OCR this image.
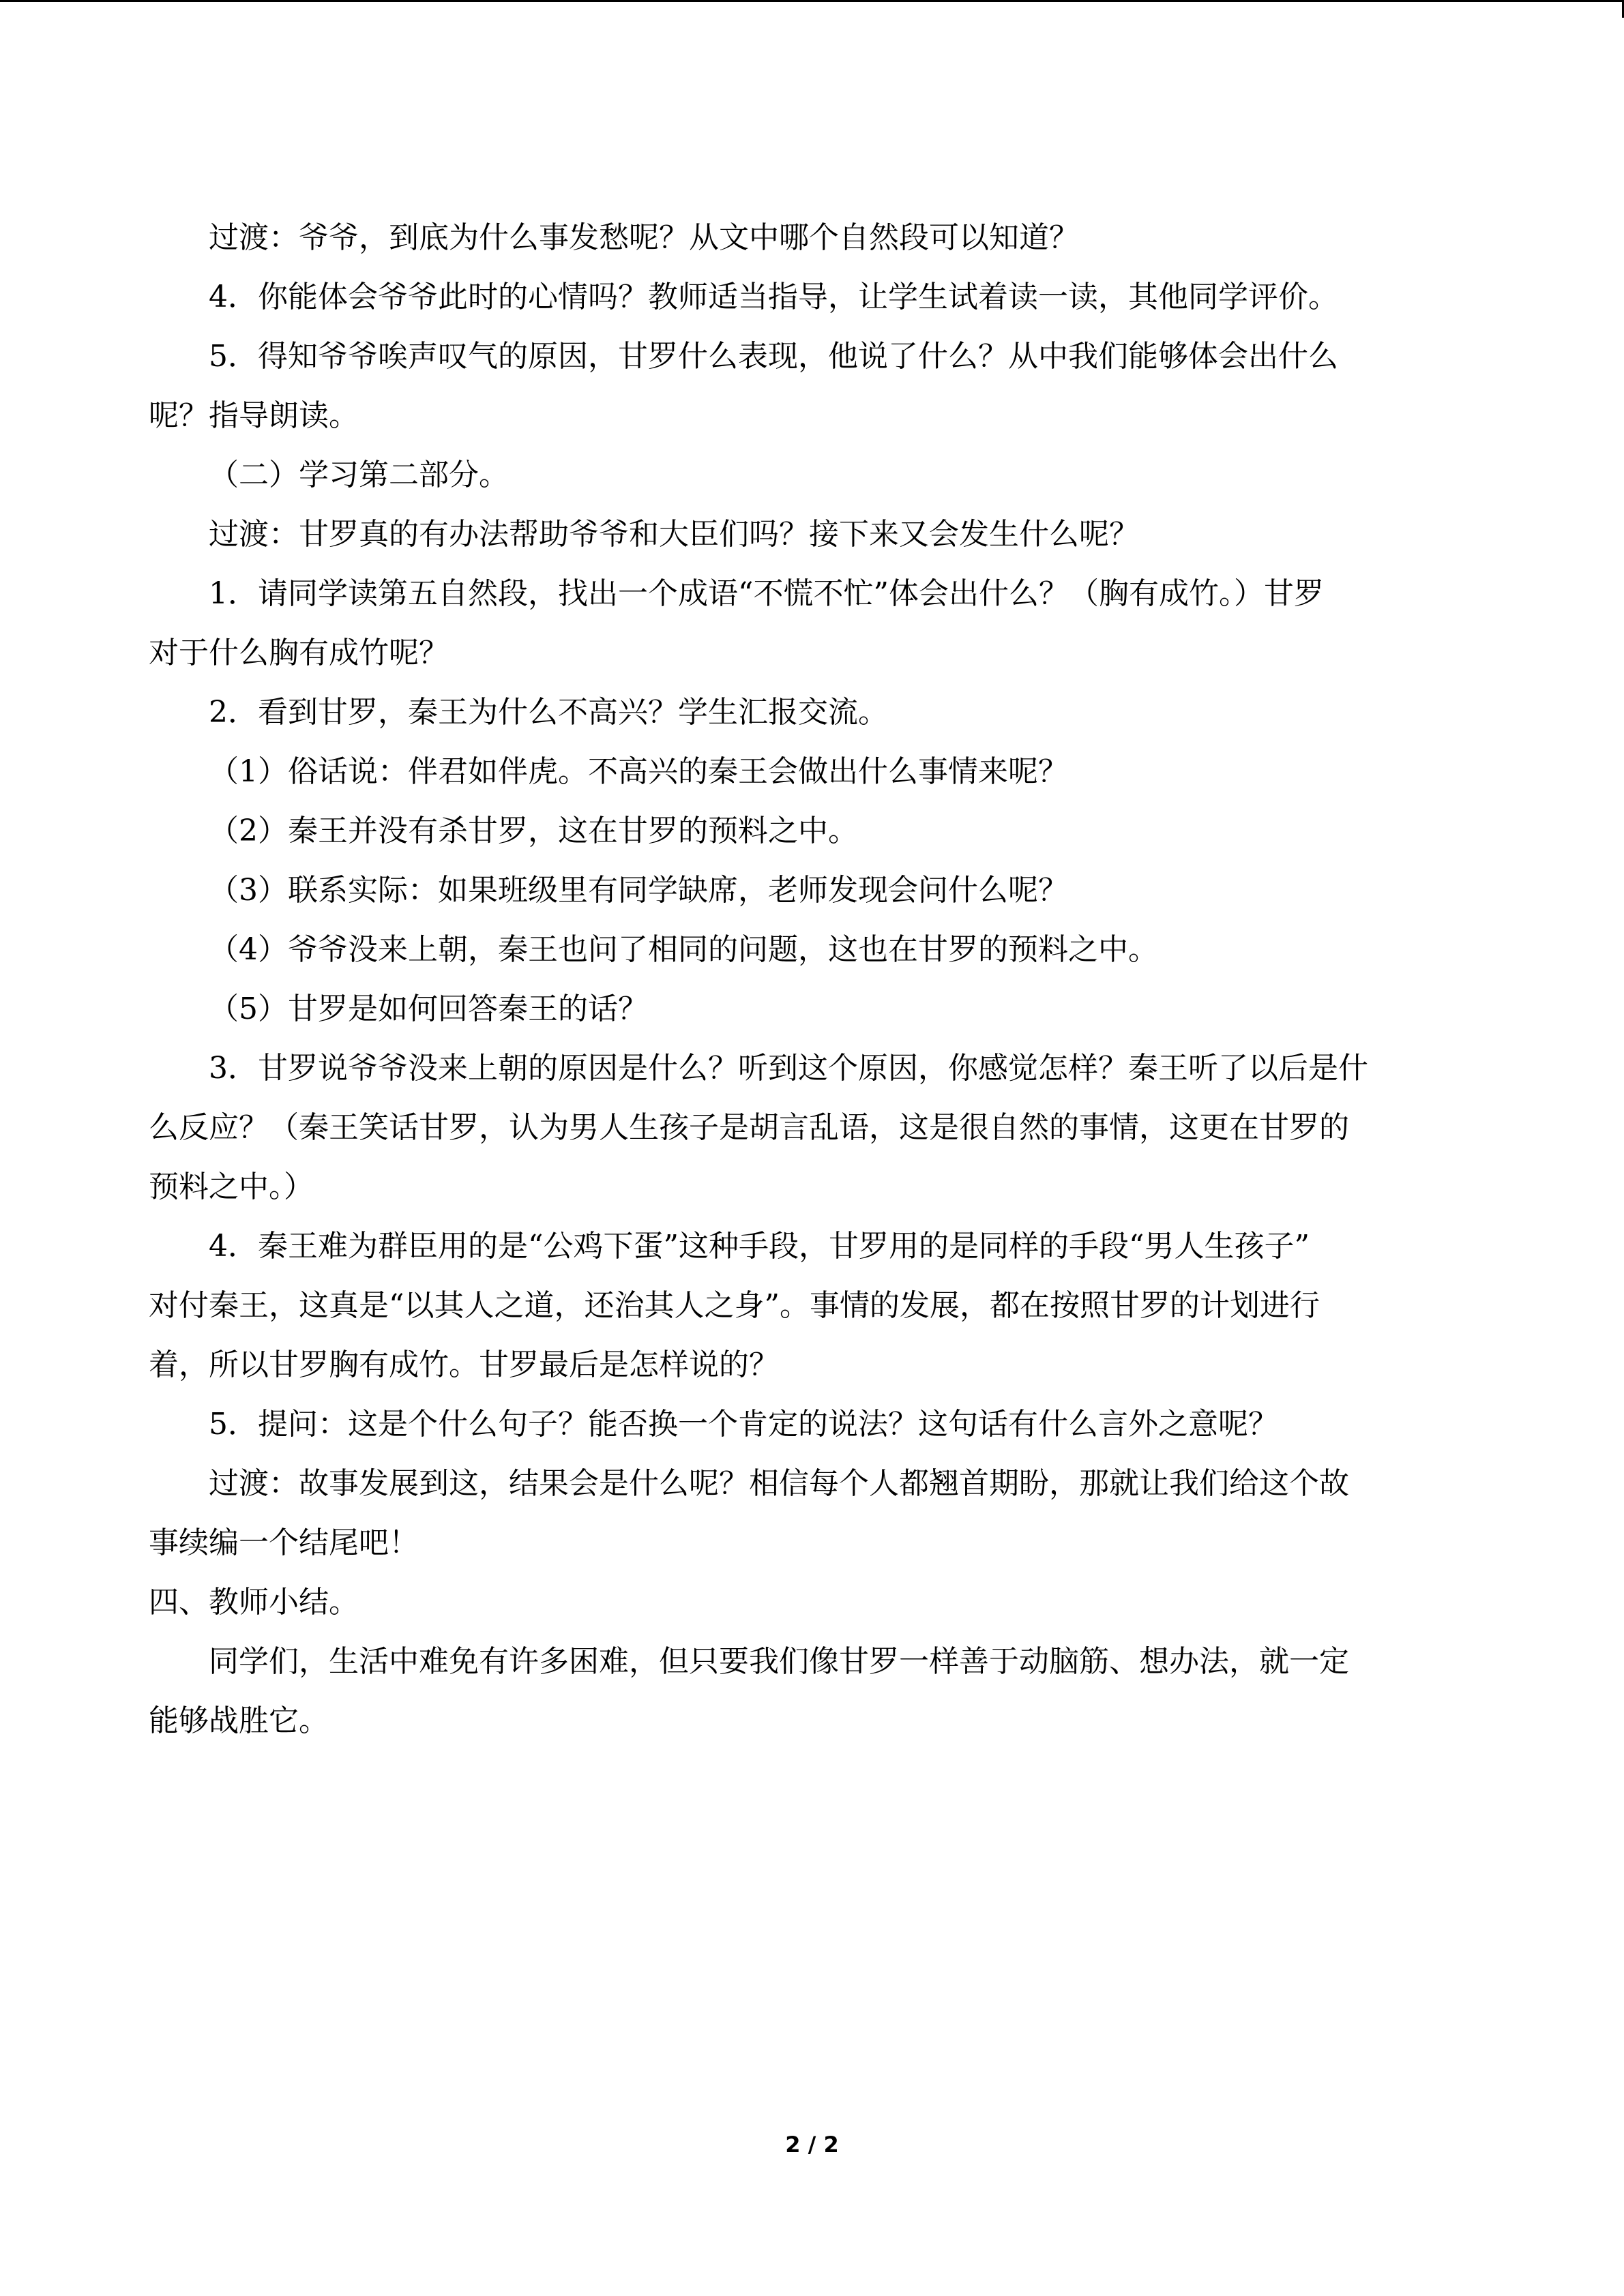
过渡：爷爷，到底为什么事发愁呢？从文中哪个自然段可以知道？
4．你能体会爷爷此时的心情吗？教师适当指导，让学生试着读一读，其他同学评价。
5．得知爷爷唉声叹气的原因，甘罗什么表现，他说了什么？从中我们能够体会出什么
呢？指导朗读。
（二）学习第二部分。
过渡：甘罗真的有办法帮助爷爷和大臣们吗？接下来又会发生什么呢？
1．请同学读第五自然段，找出一个成语“不慌不忙”体会出什么？（胸有成竹。）甘罗
对于什么胸有成竹呢？
2．看到甘罗，秦王为什么不高兴？学生汇报交流。
（1）俗话说：伴君如伴虎。不高兴的秦王会做出什么事情来呢？
（2）秦王并没有杀甘罗，这在甘罗的预料之中。
（3）联系实际：如果班级里有同学缺席，老师发现会问什么呢？
（4）爷爷没来上朝，秦王也问了相同的问题，这也在甘罗的预料之中。
（5）甘罗是如何回答秦王的话？
3．甘罗说爷爷没来上朝的原因是什么？听到这个原因，你感觉怎样？秦王听了以后是什
么反应？（秦王笑话甘罗，认为男人生孩子是胡言乱语，这是很自然的事情，这更在甘罗的
预料之中。）
4．秦王难为群臣用的是“公鸡下蛋”这种手段，甘罗用的是同样的手段“男人生孩子”
对付秦王，这真是“以其人之道，还治其人之身”。事情的发展，都在按照甘罗的计划进行
着，所以甘罗胸有成竹。甘罗最后是怎样说的？
5．提问：这是个什么句子？能否换一个肯定的说法？这句话有什么言外之意呢？
过渡：故事发展到这，结果会是什么呢？相信每个人都翘首期盼，那就让我们给这个故
事续编一个结尾吧！
四、教师小结。
同学们，生活中难免有许多困难，但只要我们像甘罗一样善于动脑筋、想办法，就一定
能够战胜它。
2 / 2
